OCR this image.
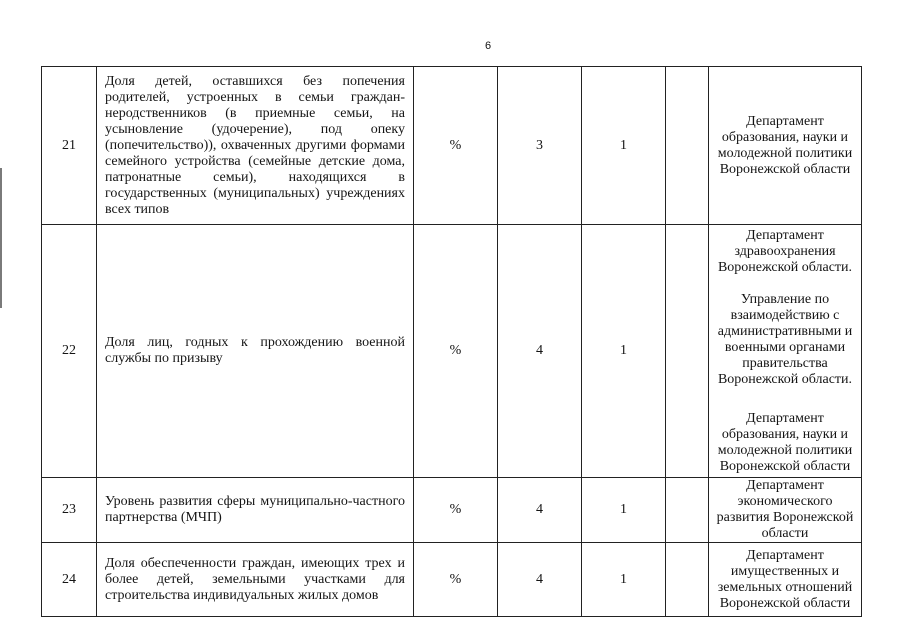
6
21	Доля детей, оставшихся без попечения родителей, устроенных в семьи граждан-неродственников (в приемные семьи, на усыновление (удочерение), под опеку (попечительство)), охваченных другими формами семейного устройства (семейные детские дома, патронатные семьи), находящихся в государственных (муниципальных) учреждениях всех типов	%	3	1		Департамент образования, науки и молодежной политики Воронежской области

22	Доля лиц, годных к прохождению военной службы по призыву	%	4	1		Департамент здравоохранения Воронежской области.
Управление по взаимодействию с административными и военными органами правительства Воронежской области.
Департамент образования, науки и молодежной политики Воронежской области

23	Уровень развития сферы муниципально-частного партнерства (МЧП)	%	4	1		Департамент экономического развития Воронежской области

24	Доля обеспеченности граждан, имеющих трех и более детей, земельными участками для строительства индивидуальных жилых домов	%	4	1		Департамент имущественных и земельных отношений Воронежской области
